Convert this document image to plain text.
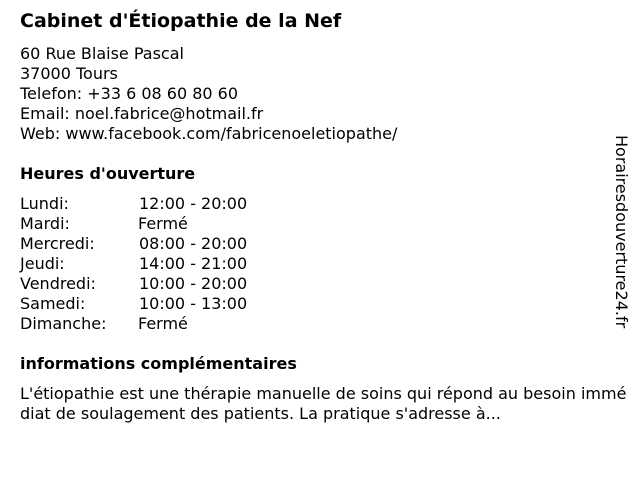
Cabinet d'Étiopathie de la Nef
60 Rue Blaise Pascal
37000 Tours
Telefon: +33 6 08 60 80 60
Email: noel.fabrice@hotmail.fr
Web: www.facebook.com/fabricenoeletiopathe/
Heures d'ouverture
Lundi:	12:00 - 20:00
Mardi:	Fermé
Mercredi:	08:00 - 20:00
Jeudi:	14:00 - 21:00
Vendredi:	10:00 - 20:00
Samedi:	10:00 - 13:00
Dimanche: Fermé
informations complémentaires
L'étiopathie est une thérapie manuelle de soins qui répond au besoin immédiat de soulagement des patients. La pratique s'adresse à...
Horairesdouverture24.fr
